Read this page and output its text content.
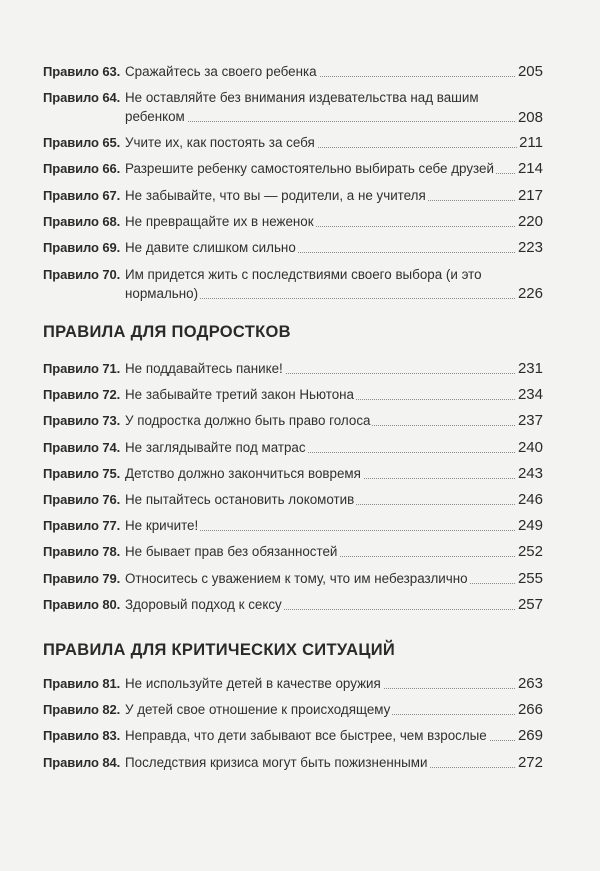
Правило 63. Сражайтесь за своего ребенка	205
Правило 64. Не оставляйте без внимания издевательства над вашим
ребенком	208
Правило 65. Учите их, как постоять за себя	211
Правило 66. Разрешите ребенку самостоятельно выбирать себе друзей	214
Правило 67. Не забывайте, что вы — родители, а не учителя	217
Правило 68. Не превращайте их в неженок	220
Правило 69. Не давите слишком сильно	223
Правило 70. Им придется жить с последствиями своего выбора (и это
нормально)	226
ПРАВИЛА ДЛЯ ПОДРОСТКОВ
Правило 71. Не поддавайтесь панике!	231
Правило 72. Не забывайте третий закон Ньютона	234
Правило 73. У подростка должно быть право голоса	237
Правило 74. Не заглядывайте под матрас	240
Правило 75. Детство должно закончиться вовремя	243
Правило 76. Не пытайтесь остановить локомотив	246
Правило 77. Не кричите!	249
Правило 78. Не бывает прав без обязанностей	252
Правило 79. Относитесь с уважением к тому, что им небезразлично	255
Правило 80. Здоровый подход к сексу	257
ПРАВИЛА ДЛЯ КРИТИЧЕСКИХ СИТУАЦИЙ
Правило 81. Не используйте детей в качестве оружия	263
Правило 82. У детей свое отношение к происходящему	266
Правило 83. Неправда, что дети забывают все быстрее, чем взрослые	269
Правило 84. Последствия кризиса могут быть пожизненными	272
